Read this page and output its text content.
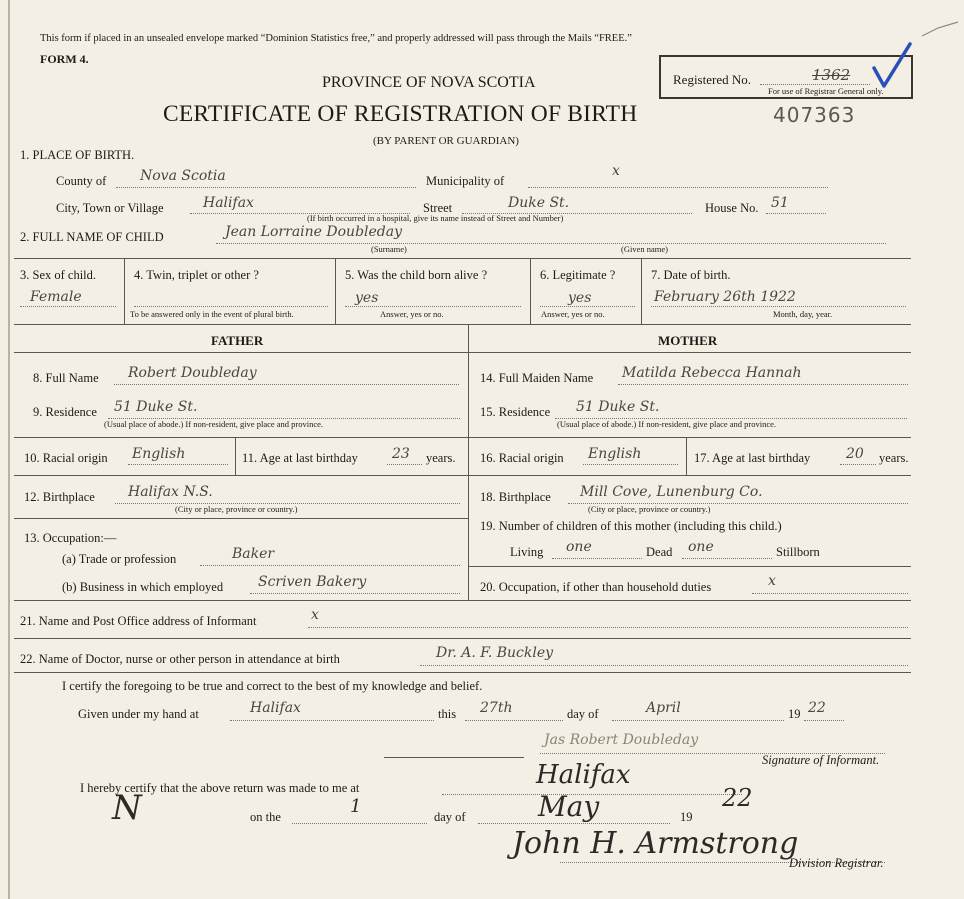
This form if placed in an unsealed envelope marked “Dominion Statistics free,” and properly addressed will pass through the Mails “FREE.”
FORM 4.
PROVINCE OF NOVA SCOTIA
CERTIFICATE OF REGISTRATION OF BIRTH	407363
(BY PARENT OR GUARDIAN)
Registered No.	1362
For use of Registrar General only.
1. PLACE OF BIRTH.
County of Nova Scotia	Municipality of
x
City, Town or Village	Halifax	Street	Duke St.
(If birth occurred in a hospital, give its name instead of Street and Number)
House No. 51
2. FULL NAME OF CHILD	Jean Lorraine Doubleday
(Surname)	(Given name)
3. Sex of child.
Female
4. Twin, triplet or other ?
To be answered only in the event of plural birth.
5. Was the child born alive ?
yes
Answer, yes or no.
6. Legitimate ?
yes
Answer, yes or no.
7. Date of birth.
February 26th 1922
Month, day, year.
FATHER	MOTHER
8. Full Name Robert Doubleday
9. Residence 51 Duke St.
(Usual place of abode.) If non-resident, give place and province.
10. Racial origin English	11. Age at last birthday 23 years.
12. Birthplace Halifax N.S.
(City or place, province or country.)
13. Occupation:—
(a) Trade or profession	Baker
(b) Business in which employed Scriven Bakery
14. Full Maiden Name Matilda Rebecca Hannah
15. Residence 51 Duke St.
(Usual place of abode.) If non-resident, give place and province.
16. Racial origin English	17. Age at last birthday	20 years.
18. Birthplace Mill Cove, Lunenburg Co.
(City or place, province or country.)
19. Number of children of this mother (including this child.)
Living one	Dead one	Stillborn
20. Occupation, if other than household duties	x
21. Name and Post Office address of Informant	x
22. Name of Doctor, nurse or other person in attendance at birth	Dr. A. F. Buckley
I certify the foregoing to be true and correct to the best of my knowledge and belief.
Given under my hand at	Halifax	this 27th	day of	April	19 22
Jas Robert Doubleday
Signature of Informant.
I hereby certify that the above return was made to me at	Halifax
N	on the	1	day of	May	19
22
John H. Armstrong
Division Registrar.
